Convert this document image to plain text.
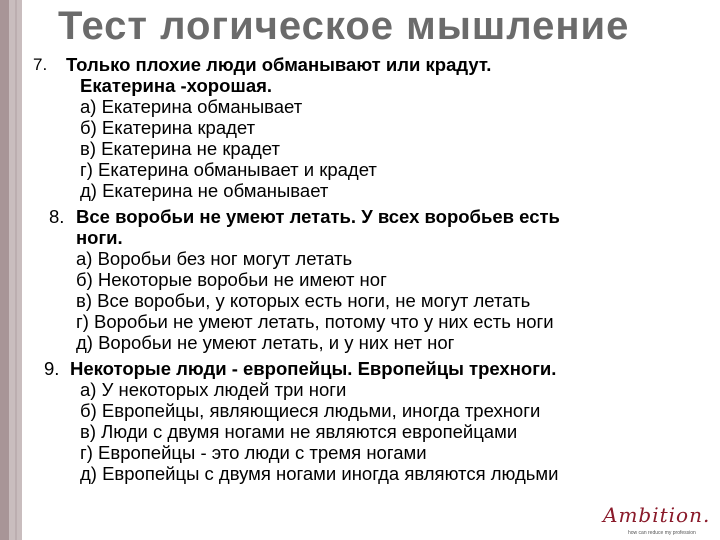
Тест логическое мышление
7. Только плохие люди обманывают или крадут.
Екатерина -хорошая.
а) Екатерина обманывает
б) Екатерина крадет
в) Екатерина не крадет
г) Екатерина обманывает и крадет
д) Екатерина не обманывает
8. Все воробьи не умеют летать. У всех воробьев есть
ноги.
а) Воробьи без ног могут летать
б) Некоторые воробьи не имеют ног
в) Все воробьи, у которых есть ноги, не могут летать
г) Воробьи не умеют летать, потому что у них есть ноги
д) Воробьи не умеют летать, и у них нет ног
9. Некоторые люди - европейцы. Европейцы трехноги.
а) У некоторых людей три ноги
б) Европейцы, являющиеся людьми, иногда трехноги
в) Люди с двумя ногами не являются европейцами
г) Европейцы - это люди с тремя ногами
д) Европейцы с двумя ногами иногда являются людьми
Ambition.
how can reduce my profession
